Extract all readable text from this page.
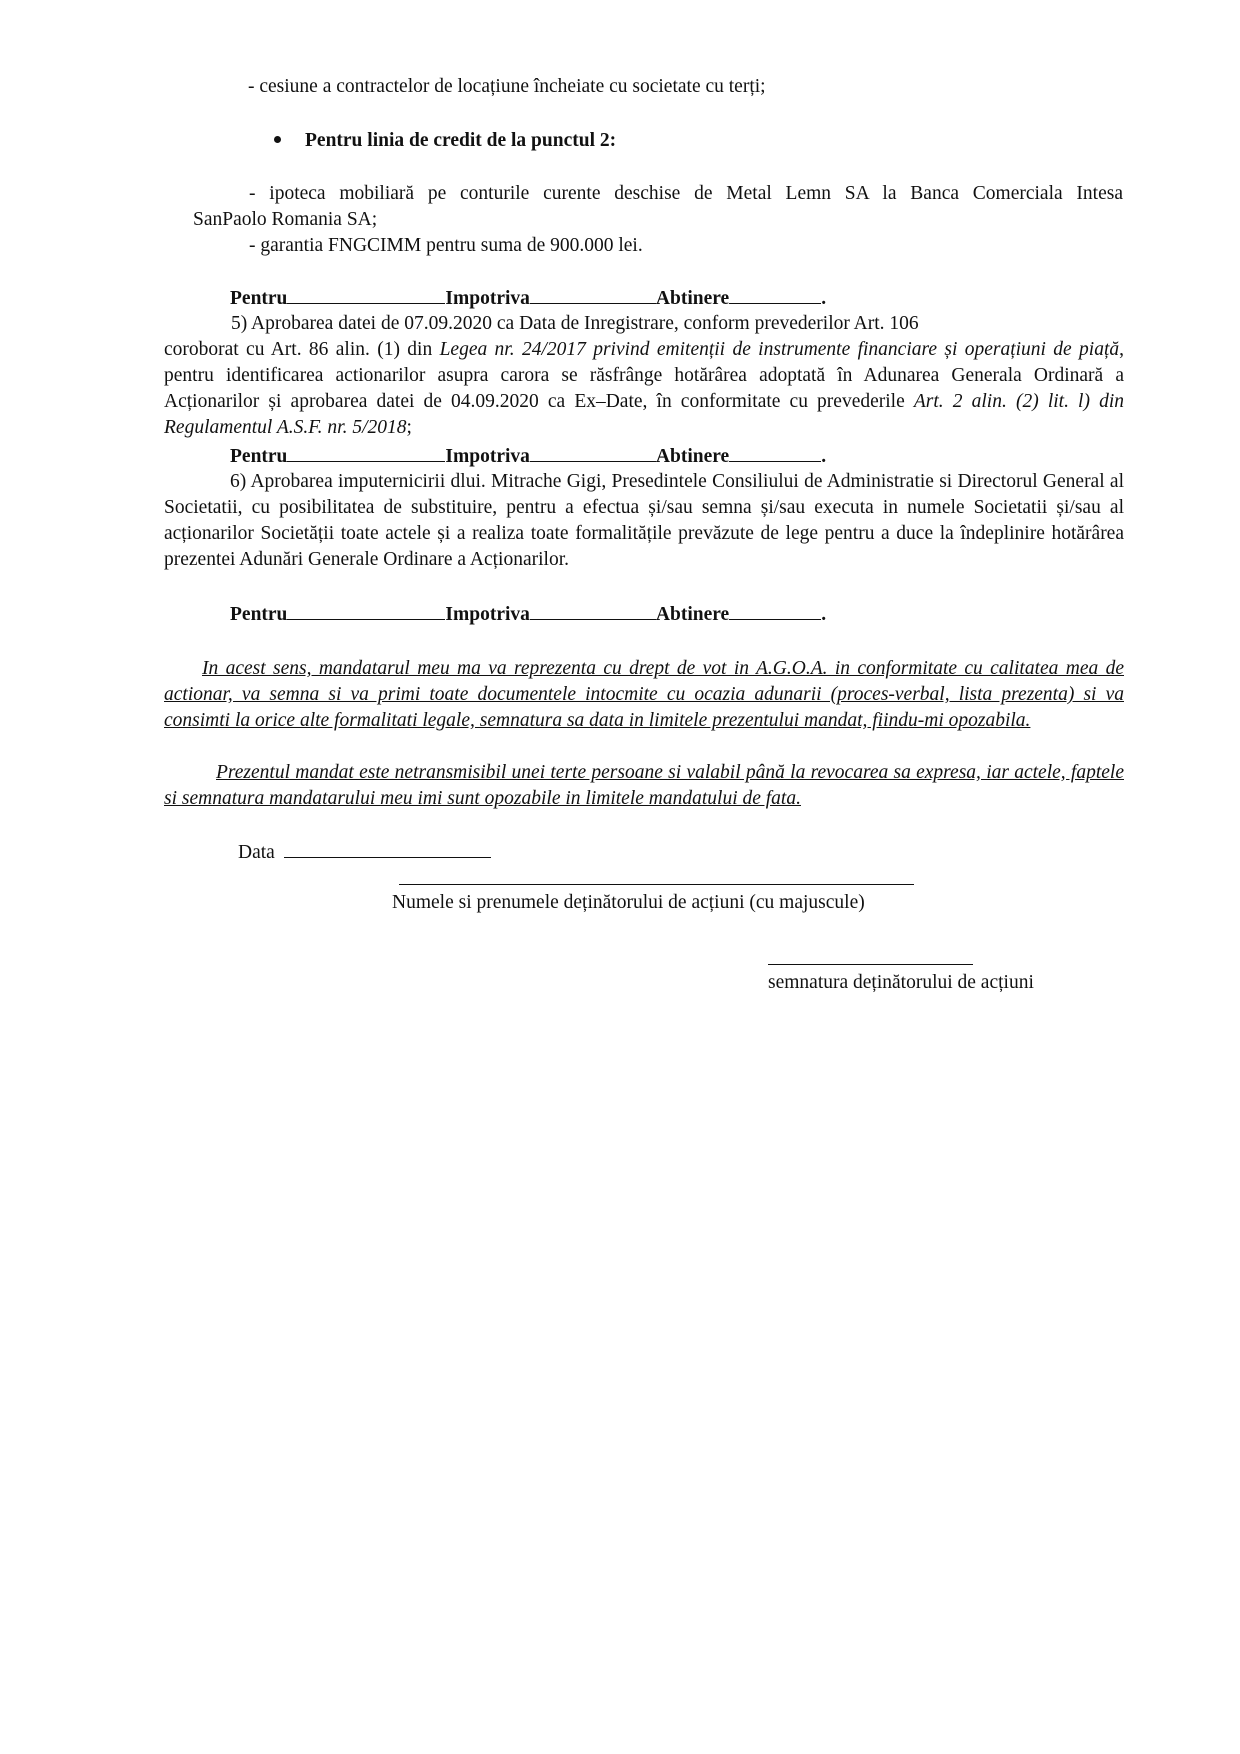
- cesiune a contractelor de locațiune încheiate cu societate cu terți;
Pentru linia de credit de la punctul 2:
- ipoteca mobiliară pe conturile curente deschise de Metal Lemn SA la Banca Comerciala Intesa
SanPaolo Romania SA;
- garantia FNGCIMM pentru suma de 900.000 lei.
Pentru	Impotriva	Abtinere	.
5) Aprobarea datei de 07.09.2020 ca Data de Inregistrare, conform prevederilor Art. 106
coroborat cu Art. 86 alin. (1) din Legea nr. 24/2017 privind emitenții de instrumente financiare și operațiuni de piață, pentru identificarea actionarilor asupra carora se răsfrânge hotărârea adoptată în Adunarea Generala Ordinară a Acționarilor și aprobarea datei de 04.09.2020 ca Ex–Date, în conformitate cu prevederile Art. 2 alin. (2) lit. l) din Regulamentul A.S.F. nr. 5/2018;
Pentru	Impotriva	Abtinere	.
6) Aprobarea imputernicirii dlui. Mitrache Gigi, Presedintele Consiliului de Administratie si Directorul General al Societatii, cu posibilitatea de substituire, pentru a efectua și/sau semna și/sau executa in numele Societatii și/sau al acționarilor Societății toate actele și a realiza toate formalitățile prevăzute de lege pentru a duce la îndeplinire hotărârea prezentei Adunări Generale Ordinare a Acționarilor.
Pentru	Impotriva	Abtinere	.
In acest sens, mandatarul meu ma va reprezenta cu drept de vot in A.G.O.A. in conformitate cu calitatea mea de actionar, va semna si va primi toate documentele intocmite cu ocazia adunarii (proces-verbal, lista prezenta) si va consimti la orice alte formalitati legale, semnatura sa data in limitele prezentului mandat, fiindu-mi opozabila.
Prezentul mandat este netransmisibil unei terte persoane si valabil până la revocarea sa expresa, iar actele, faptele si semnatura mandatarului meu imi sunt opozabile in limitele mandatului de fata.
Data
Numele si prenumele deținătorului de acțiuni (cu majuscule)
semnatura deținătorului de acțiuni
